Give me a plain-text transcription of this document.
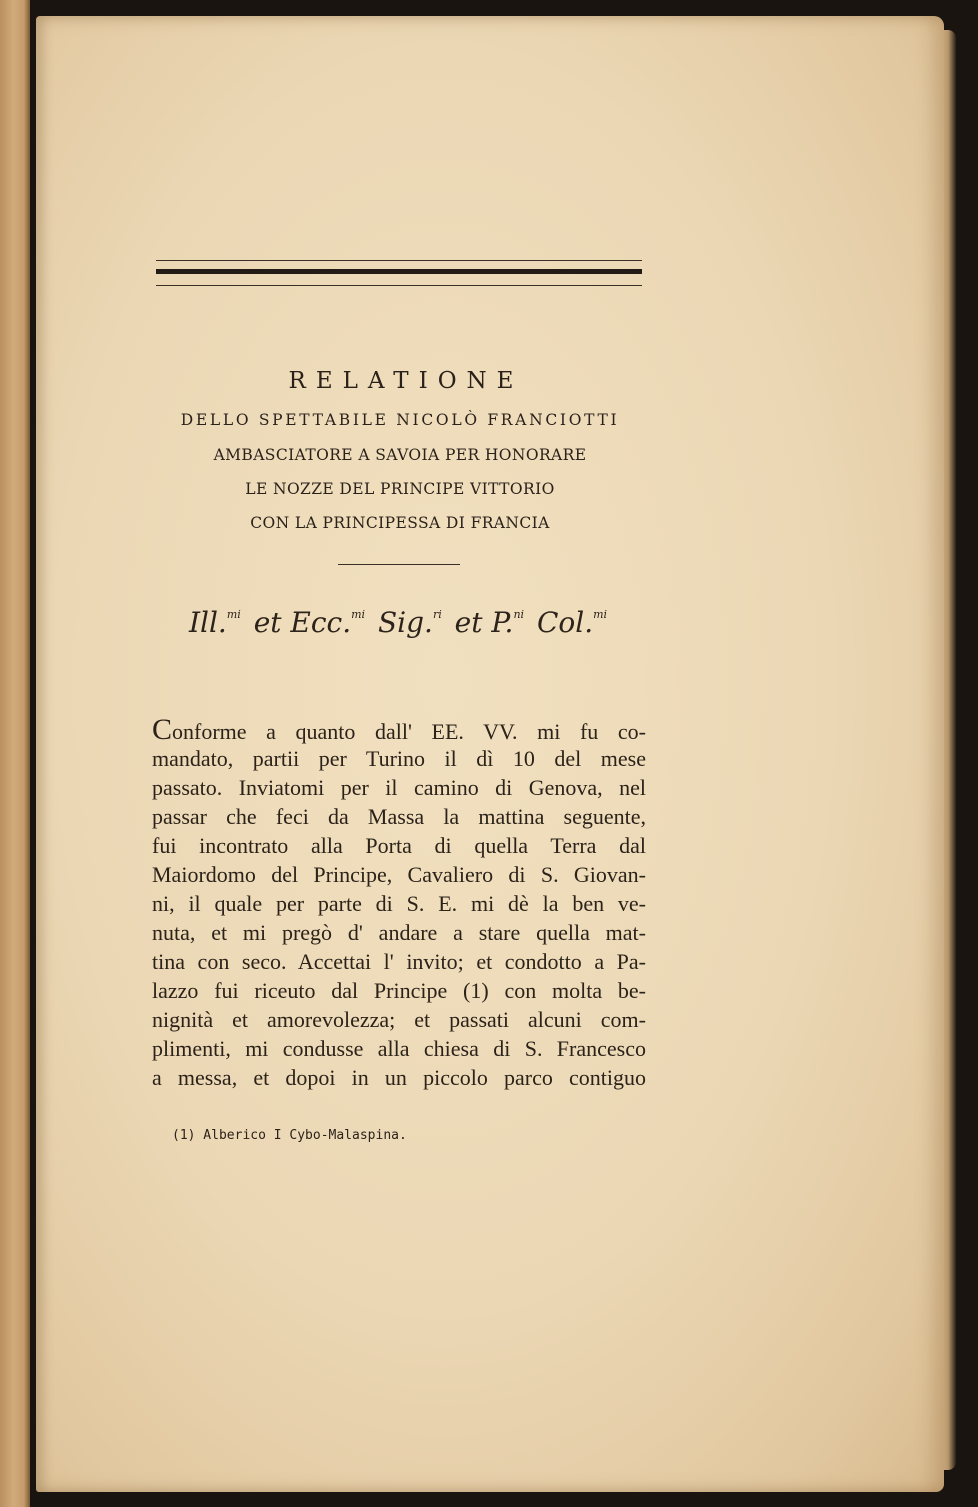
RELATIONE
DELLO SPETTABILE NICOLÒ FRANCIOTTI
AMBASCIATORE A SAVOIA PER HONORARE
LE NOZZE DEL PRINCIPE VITTORIO
CON LA PRINCIPESSA DI FRANCIA
Ill.$^{mi}$ et Ecc.$^{mi}$ Sig.$^{ri}$ et P.$^{ni}$ Col.$^{mi}$
Conforme a quanto dall' EE. VV. mi fu co-
mandato, partii per Turino il dì 10 del mese
passato. Inviatomi per il camino di Genova, nel
passar che feci da Massa la mattina seguente,
fui incontrato alla Porta di quella Terra dal
Maiordomo del Principe, Cavaliero di S. Giovan-
ni, il quale per parte di S. E. mi dè la ben ve-
nuta, et mi pregò d' andare a stare quella mat-
tina con seco. Accettai l' invito; et condotto a Pa-
lazzo fui riceuto dal Principe (1) con molta be-
nignità et amorevolezza; et passati alcuni com-
plimenti, mi condusse alla chiesa di S. Francesco
a messa, et dopoi in un piccolo parco contiguo
(1) Alberico I Cybo-Malaspina.
